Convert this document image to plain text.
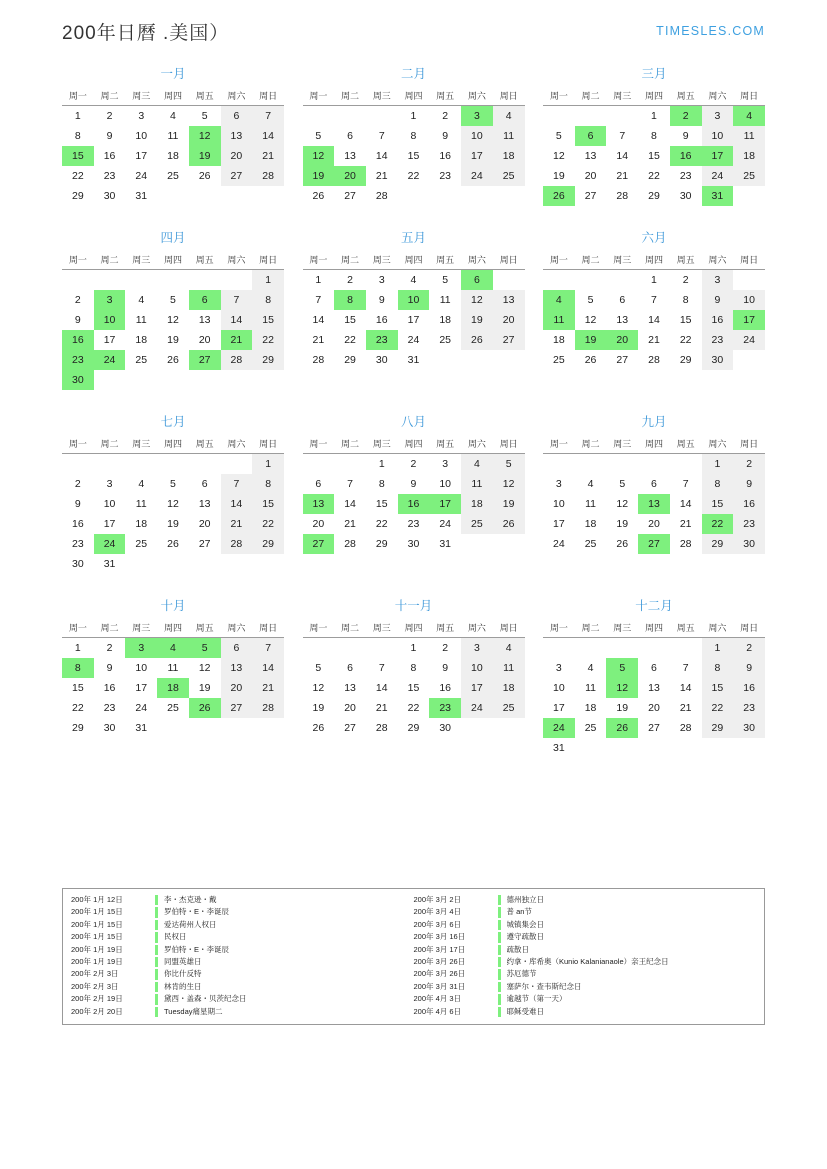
200年日曆 .美国）	TIMESLES.COM
一月
周一	周二	周三	周四	周五	周六	周日
1	2	3	4	5	6	7
8	9	10	11	12	13	14
15	16	17	18	19	20	21
22	23	24	25	26	27	28
29	30	31				
二月
周一	周二	周三	周四	周五	周六	周日
			1	2	3	4
5	6	7	8	9	10	11
12	13	14	15	16	17	18
19	20	21	22	23	24	25
26	27	28				
三月
周一	周二	周三	周四	周五	周六	周日
			1	2	3	4
5	6	7	8	9	10	11
12	13	14	15	16	17	18
19	20	21	22	23	24	25
26	27	28	29	30	31	
四月
周一	周二	周三	周四	周五	周六	周日
						1
2	3	4	5	6	7	8
9	10	11	12	13	14	15
16	17	18	19	20	21	22
23	24	25	26	27	28	29
30						
五月
周一	周二	周三	周四	周五	周六	周日
1	2	3	4	5	6	
7	8	9	10	11	12	13
14	15	16	17	18	19	20
21	22	23	24	25	26	27
28	29	30	31			
六月
周一	周二	周三	周四	周五	周六	周日
			1	2	3	
4	5	6	7	8	9	10
11	12	13	14	15	16	17
18	19	20	21	22	23	24
25	26	27	28	29	30	
七月
周一	周二	周三	周四	周五	周六	周日
						1
2	3	4	5	6	7	8
9	10	11	12	13	14	15
16	17	18	19	20	21	22
23	24	25	26	27	28	29
30	31					
八月
周一	周二	周三	周四	周五	周六	周日
		1	2	3	4	5
6	7	8	9	10	11	12
13	14	15	16	17	18	19
20	21	22	23	24	25	26
27	28	29	30	31		
九月
周一	周二	周三	周四	周五	周六	周日
					1	2
3	4	5	6	7	8	9
10	11	12	13	14	15	16
17	18	19	20	21	22	23
24	25	26	27	28	29	30
十月
周一	周二	周三	周四	周五	周六	周日
1	2	3	4	5	6	7
8	9	10	11	12	13	14
15	16	17	18	19	20	21
22	23	24	25	26	27	28
29	30	31				
十一月
周一	周二	周三	周四	周五	周六	周日
			1	2	3	4
5	6	7	8	9	10	11
12	13	14	15	16	17	18
19	20	21	22	23	24	25
26	27	28	29	30		
十二月
周一	周二	周三	周四	周五	周六	周日
					1	2
3	4	5	6	7	8	9
10	11	12	13	14	15	16
17	18	19	20	21	22	23
24	25	26	27	28	29	30
31						
200年 1月 12日	李・杰克逊・戴
200年 1月 15日	罗伯特・E・李诞辰
200年 1月 15日	爱达荷州人权日
200年 1月 15日	民权日
200年 1月 19日	罗伯特・E・李诞辰
200年 1月 19日	同盟英雄日
200年 2月 3日	你比什反特
200年 2月 3日	林肯的生日
200年 2月 19日	黛西・盖森・贝茨纪念日
200年 2月 20日	Tuesday痛星期二
200年 3月 2日	德州独立日
200年 3月 4日	普 an节
200年 3月 6日	城镇集会日
200年 3月 16日	遵守疏散日
200年 3月 17日	疏散日
200年 3月 26日	约拿・库希奥（Kunio Kalanianaole）亲王纪念日
200年 3月 26日	苏厄德节
200年 3月 31日	塞萨尔・查韦斯纪念日
200年 4月 3日	逾越节（第一天）
200年 4月 6日	耶稣受难日
